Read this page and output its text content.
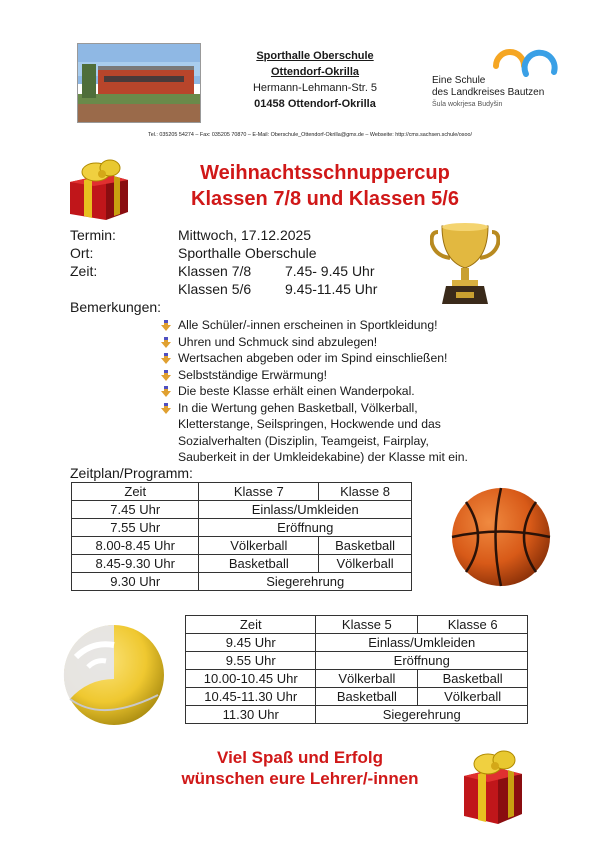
Sporthalle Oberschule
Ottendorf-Okrilla
Hermann-Lehmann-Str. 5
01458 Ottendorf-Okrilla
Eine Schule
des Landkreises Bautzen
Šula wokrjesa Budyšin
Tel.: 035205 54274 – Fax: 035205 70870 – E-Mail: Oberschule_Ottendorf-Okrilla@gmx.de – Webseite: http://cms.sachsen.schule/osoo/
Weihnachtsschnuppercup
Klassen 7/8 und Klassen 5/6
Termin:	Mittwoch, 17.12.2025
Ort:	Sporthalle Oberschule
Zeit:	Klassen 7/8 7.45- 9.45 Uhr
Klassen 5/6 9.45-11.45 Uhr
Bemerkungen:
Alle Schüler/-innen erscheinen in Sportkleidung!
Uhren und Schmuck sind abzulegen!
Wertsachen abgeben oder im Spind einschließen!
Selbstständige Erwärmung!
Die beste Klasse erhält einen Wanderpokal.
In die Wertung gehen Basketball, Völkerball,
Kletterstange, Seilspringen, Hockwende und das
Sozialverhalten (Disziplin, Teamgeist, Fairplay,
Sauberkeit in der Umkleidekabine) der Klasse mit ein.
Zeitplan/Programm:
Zeit	Klasse 7	Klasse 8
7.45 Uhr	Einlass/Umkleiden	
7.55 Uhr	Eröffnung	
8.00-8.45 Uhr	Völkerball	Basketball
8.45-9.30 Uhr	Basketball	Völkerball
9.30 Uhr	Siegerehrung	
Zeit	Klasse 5	Klasse 6
9.45 Uhr	Einlass/Umkleiden	
9.55 Uhr	Eröffnung	
10.00-10.45 Uhr	Völkerball	Basketball
10.45-11.30 Uhr	Basketball	Völkerball
11.30 Uhr	Siegerehrung	
Viel Spaß und Erfolg
wünschen eure Lehrer/-innen
